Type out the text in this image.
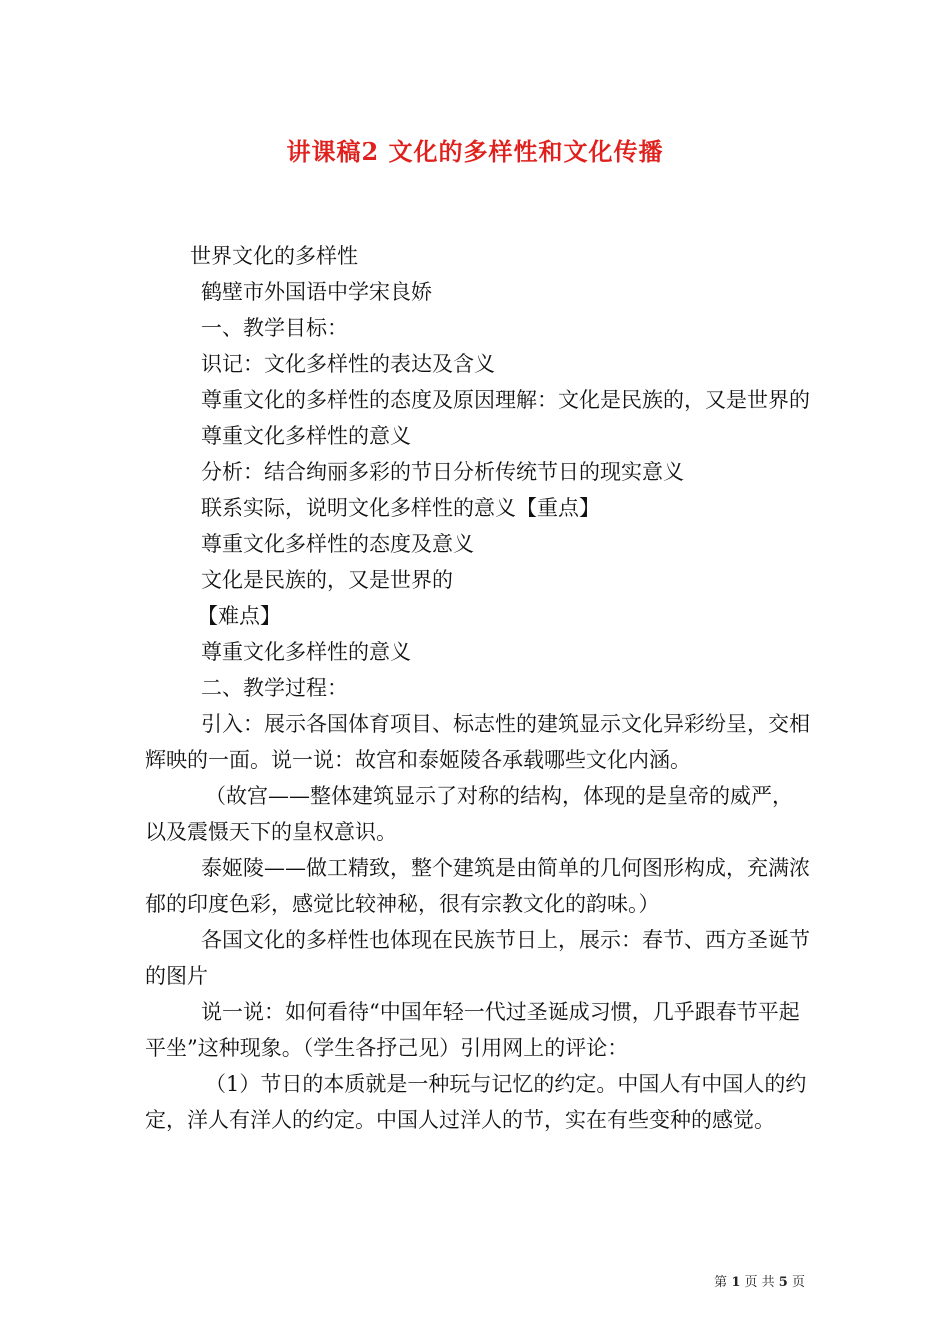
讲课稿2 文化的多样性和文化传播

世界文化的多样性

鹤壁市外国语中学宋良娇

一、教学目标：

识记：文化多样性的表达及含义

尊重文化的多样性的态度及原因理解：文化是民族的，又是世界的

尊重文化多样性的意义

分析：结合绚丽多彩的节日分析传统节日的现实意义

联系实际，说明文化多样性的意义【重点】

尊重文化多样性的态度及意义

文化是民族的，又是世界的

【难点】

尊重文化多样性的意义

二、教学过程：

引入：展示各国体育项目、标志性的建筑显示文化异彩纷呈，交相辉映的一面。说一说：故宫和泰姬陵各承载哪些文化内涵。

（故宫——整体建筑显示了对称的结构，体现的是皇帝的威严，以及震慑天下的皇权意识。

泰姬陵——做工精致，整个建筑是由简单的几何图形构成，充满浓郁的印度色彩，感觉比较神秘，很有宗教文化的韵味。）

各国文化的多样性也体现在民族节日上，展示：春节、西方圣诞节的图片

说一说：如何看待“中国年轻一代过圣诞成习惯，几乎跟春节平起平坐”这种现象。（学生各抒己见）引用网上的评论：

（1）节日的本质就是一种玩与记忆的约定。中国人有中国人的约定，洋人有洋人的约定。中国人过洋人的节，实在有些变种的感觉。

第 1 页 共 5 页
